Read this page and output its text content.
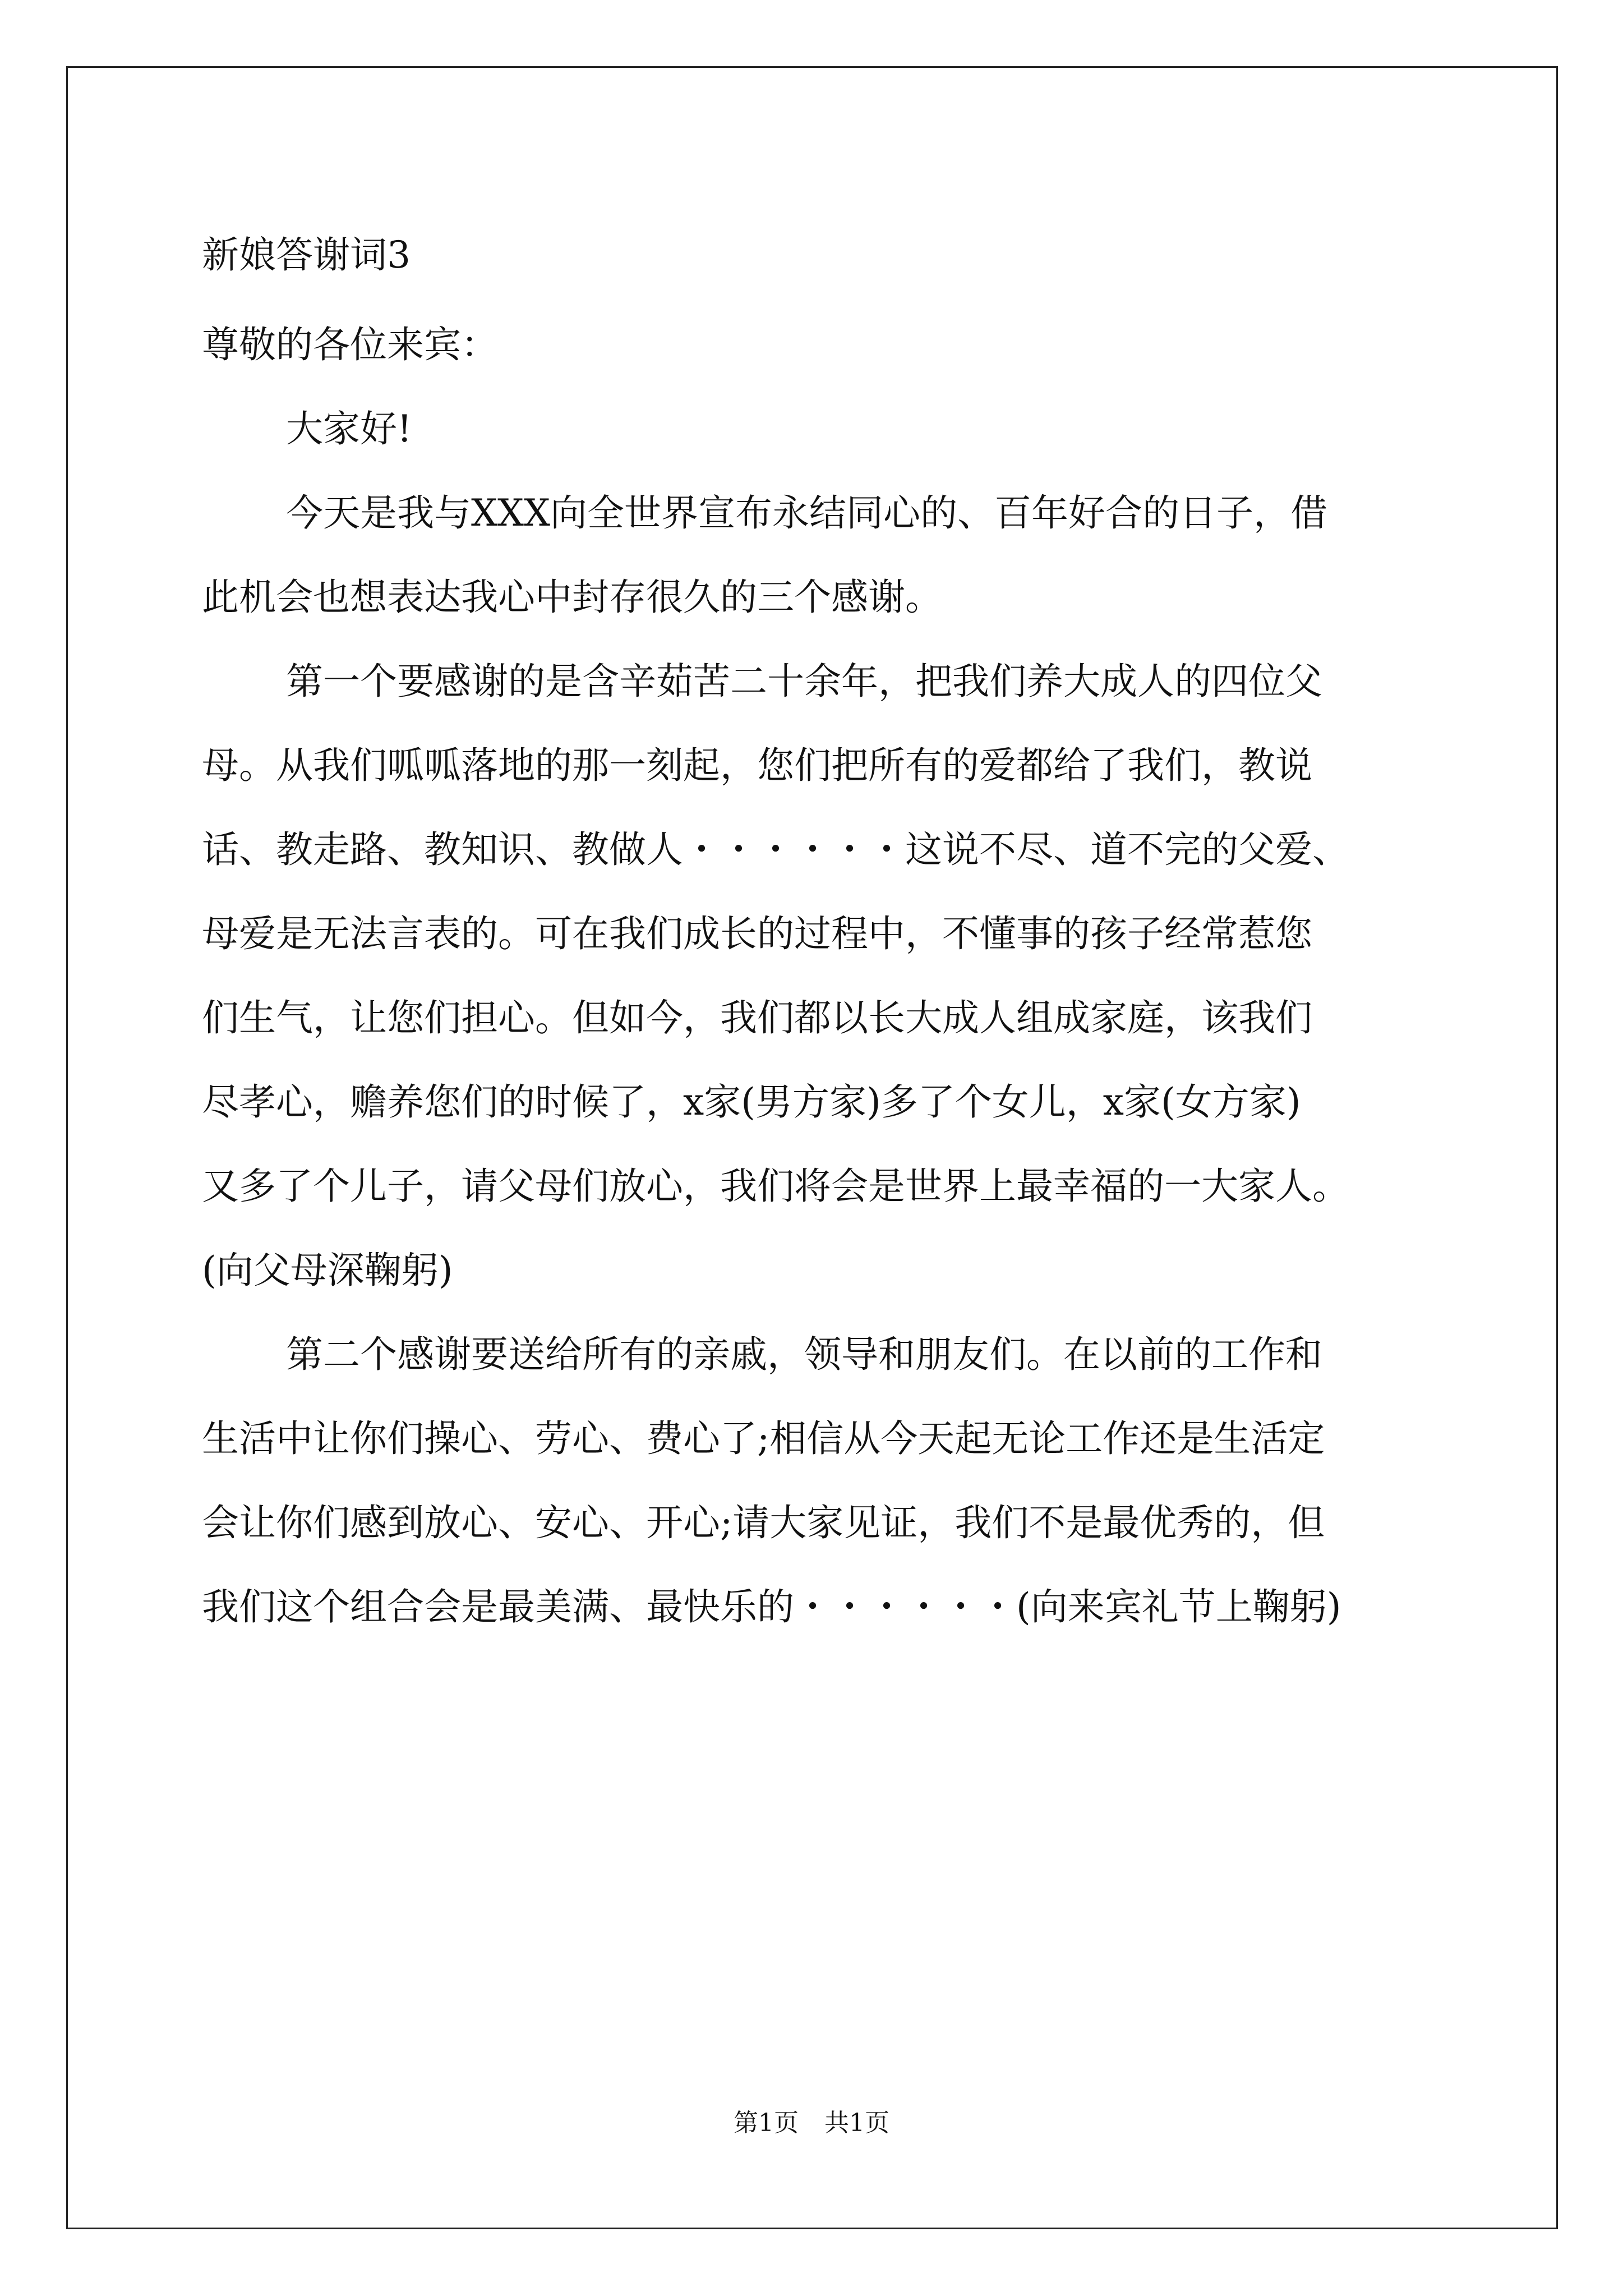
新娘答谢词3
尊敬的各位来宾：
大家好!
今天是我与XXX向全世界宣布永结同心的、百年好合的日子，借
此机会也想表达我心中封存很久的三个感谢。
第一个要感谢的是含辛茹苦二十余年，把我们养大成人的四位父
母。从我们呱呱落地的那一刻起，您们把所有的爱都给了我们，教说
话、教走路、教知识、教做人・・・・・・这说不尽、道不完的父爱、
母爱是无法言表的。可在我们成长的过程中，不懂事的孩子经常惹您
们生气，让您们担心。但如今，我们都以长大成人组成家庭，该我们
尽孝心，赡养您们的时候了，x家(男方家)多了个女儿，x家(女方家)
又多了个儿子，请父母们放心，我们将会是世界上最幸福的一大家人。
(向父母深鞠躬)
第二个感谢要送给所有的亲戚，领导和朋友们。在以前的工作和
生活中让你们操心、劳心、费心了;相信从今天起无论工作还是生活定
会让你们感到放心、安心、开心;请大家见证，我们不是最优秀的，但
我们这个组合会是最美满、最快乐的・・・・・・(向来宾礼节上鞠躬)
第1页 共1页
